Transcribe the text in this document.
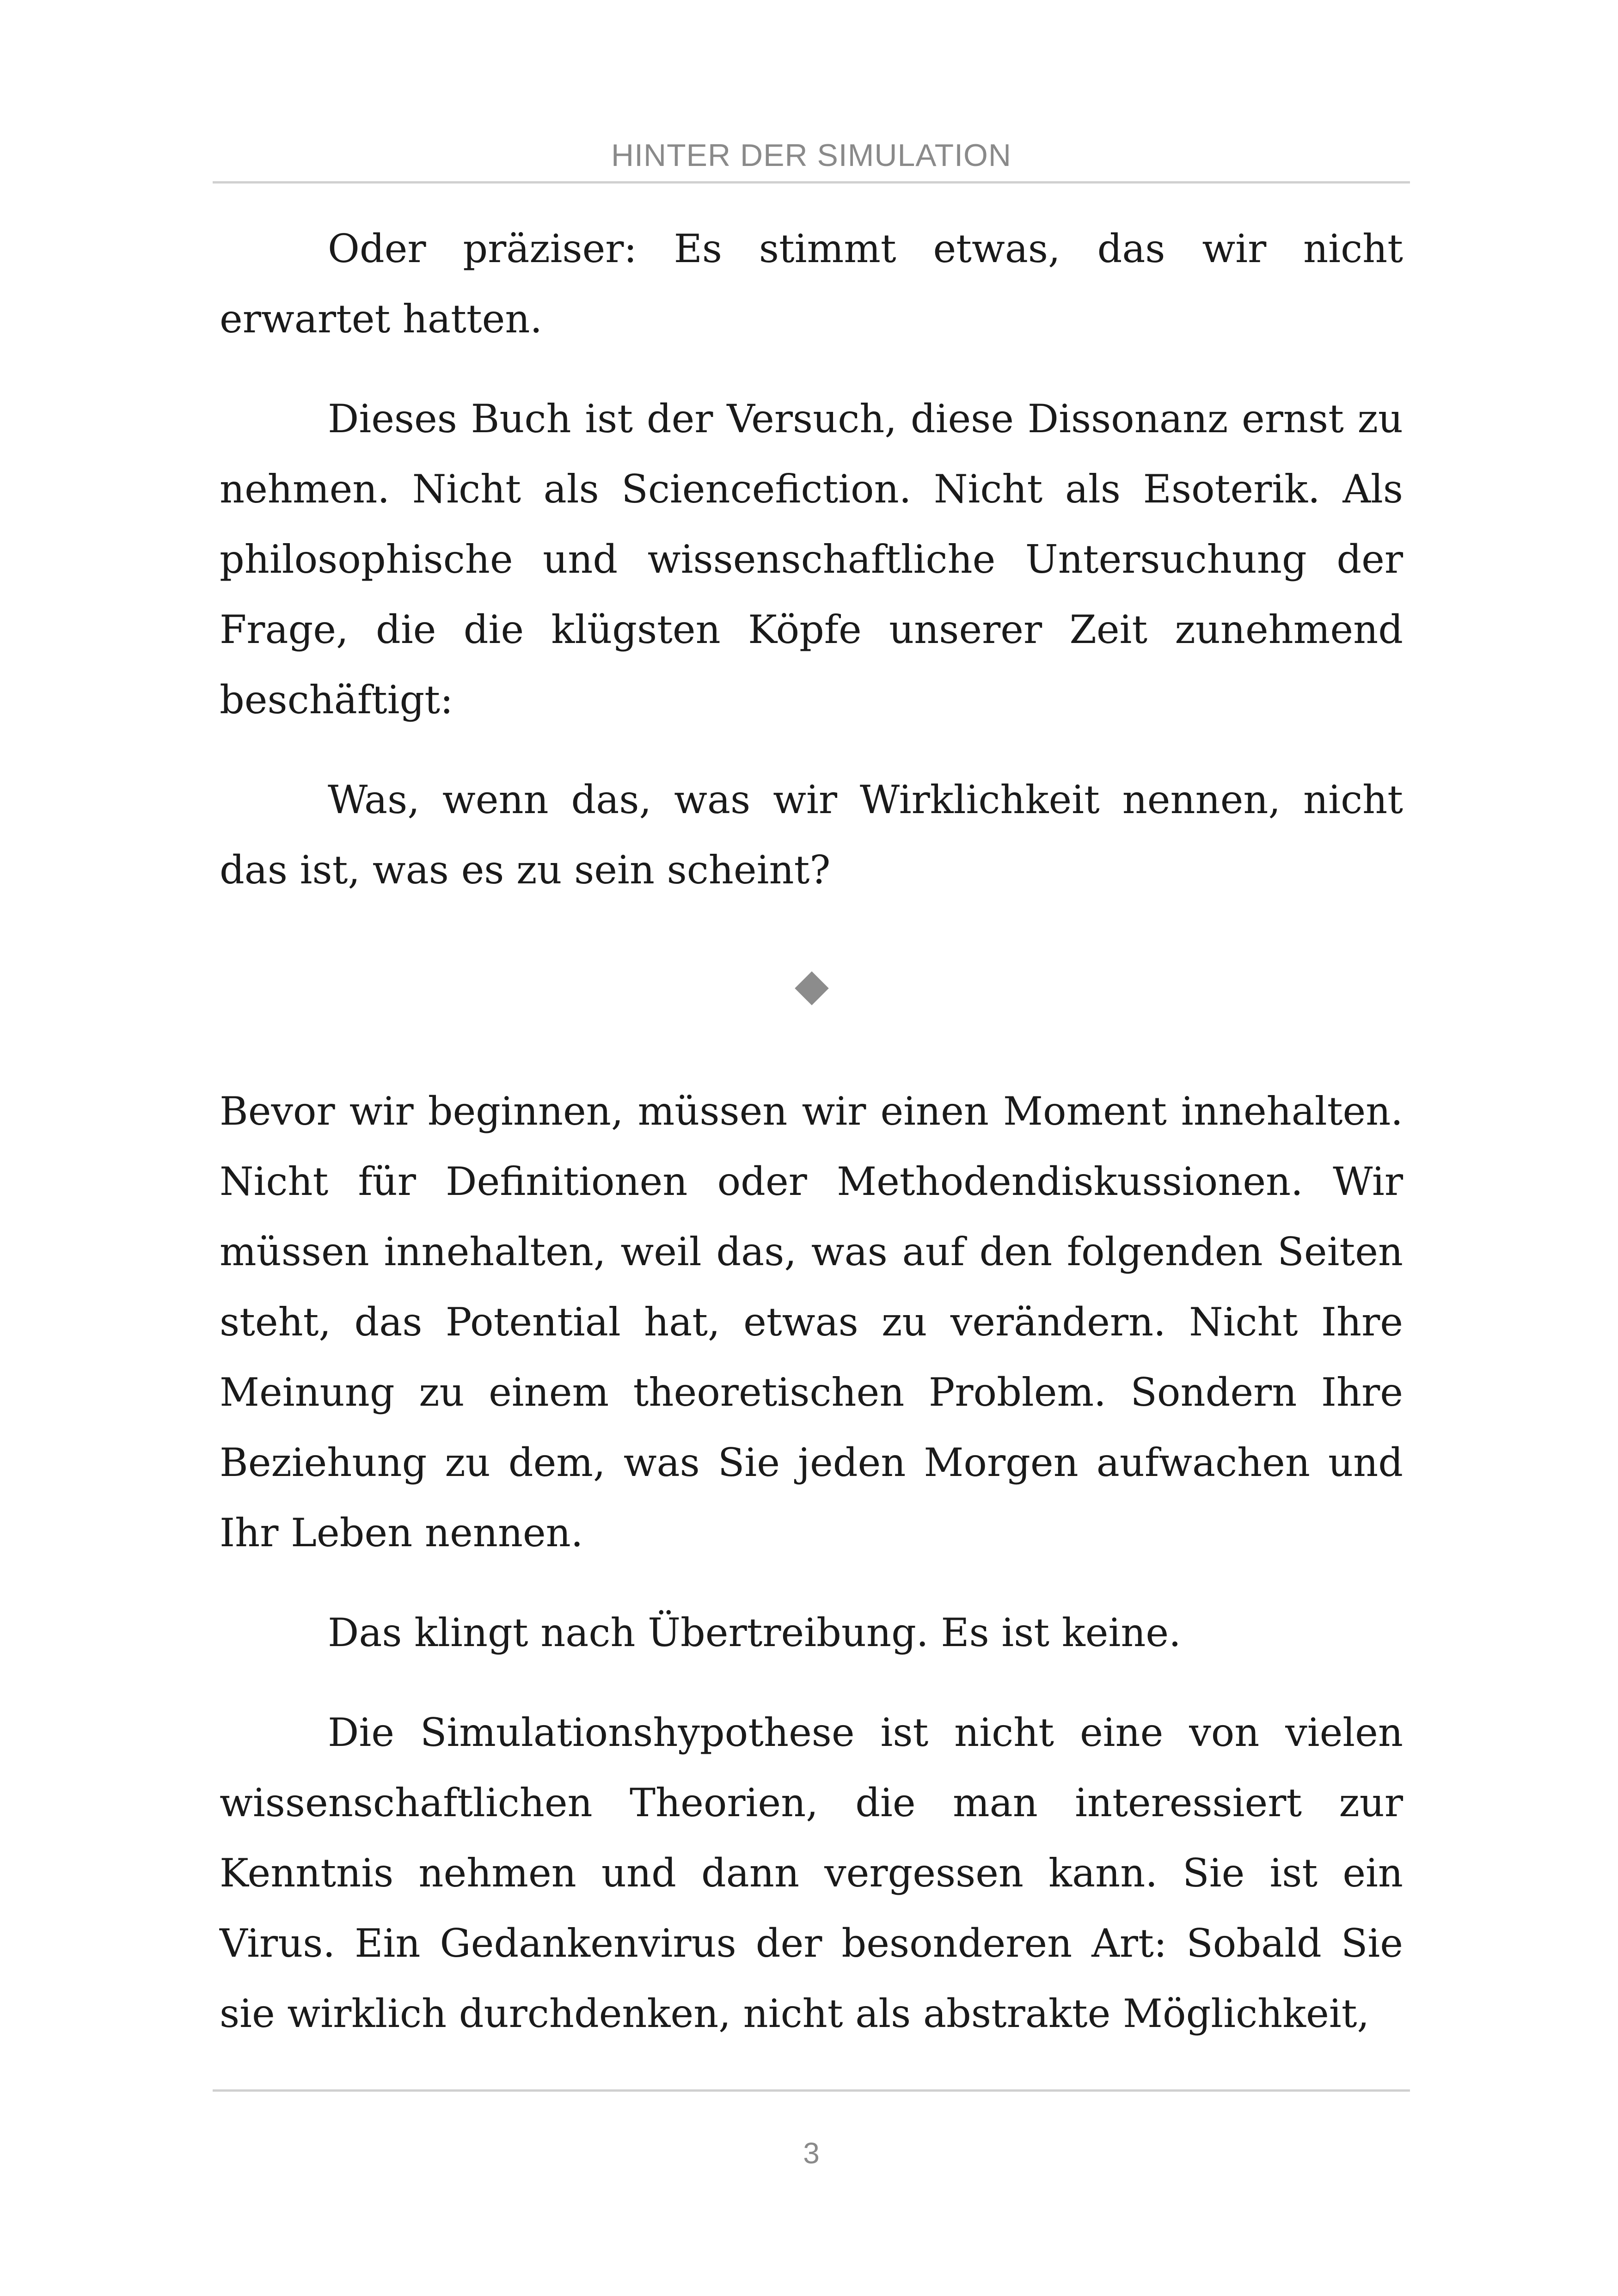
HINTER DER SIMULATION

Oder präziser: Es stimmt etwas, das wir nicht erwartet hatten.

Dieses Buch ist der Versuch, diese Dissonanz ernst zu nehmen. Nicht als Sciencefiction. Nicht als Esoterik. Als philosophische und wissenschaftliche Untersuchung der Frage, die die klügsten Köpfe unserer Zeit zunehmend beschäftigt:

Was, wenn das, was wir Wirklichkeit nennen, nicht das ist, was es zu sein scheint?

Bevor wir beginnen, müssen wir einen Moment innehalten. Nicht für Definitionen oder Methodendiskussionen. Wir müssen innehalten, weil das, was auf den folgenden Seiten steht, das Potential hat, etwas zu verändern. Nicht Ihre Meinung zu einem theoretischen Problem. Sondern Ihre Beziehung zu dem, was Sie jeden Morgen aufwachen und Ihr Leben nennen.

Das klingt nach Übertreibung. Es ist keine.

Die Simulationshypothese ist nicht eine von vielen wissenschaftlichen Theorien, die man interessiert zur Kenntnis nehmen und dann vergessen kann. Sie ist ein Virus. Ein Gedankenvirus der besonderen Art: Sobald Sie sie wirklich durchdenken, nicht als abstrakte Möglichkeit,

3
